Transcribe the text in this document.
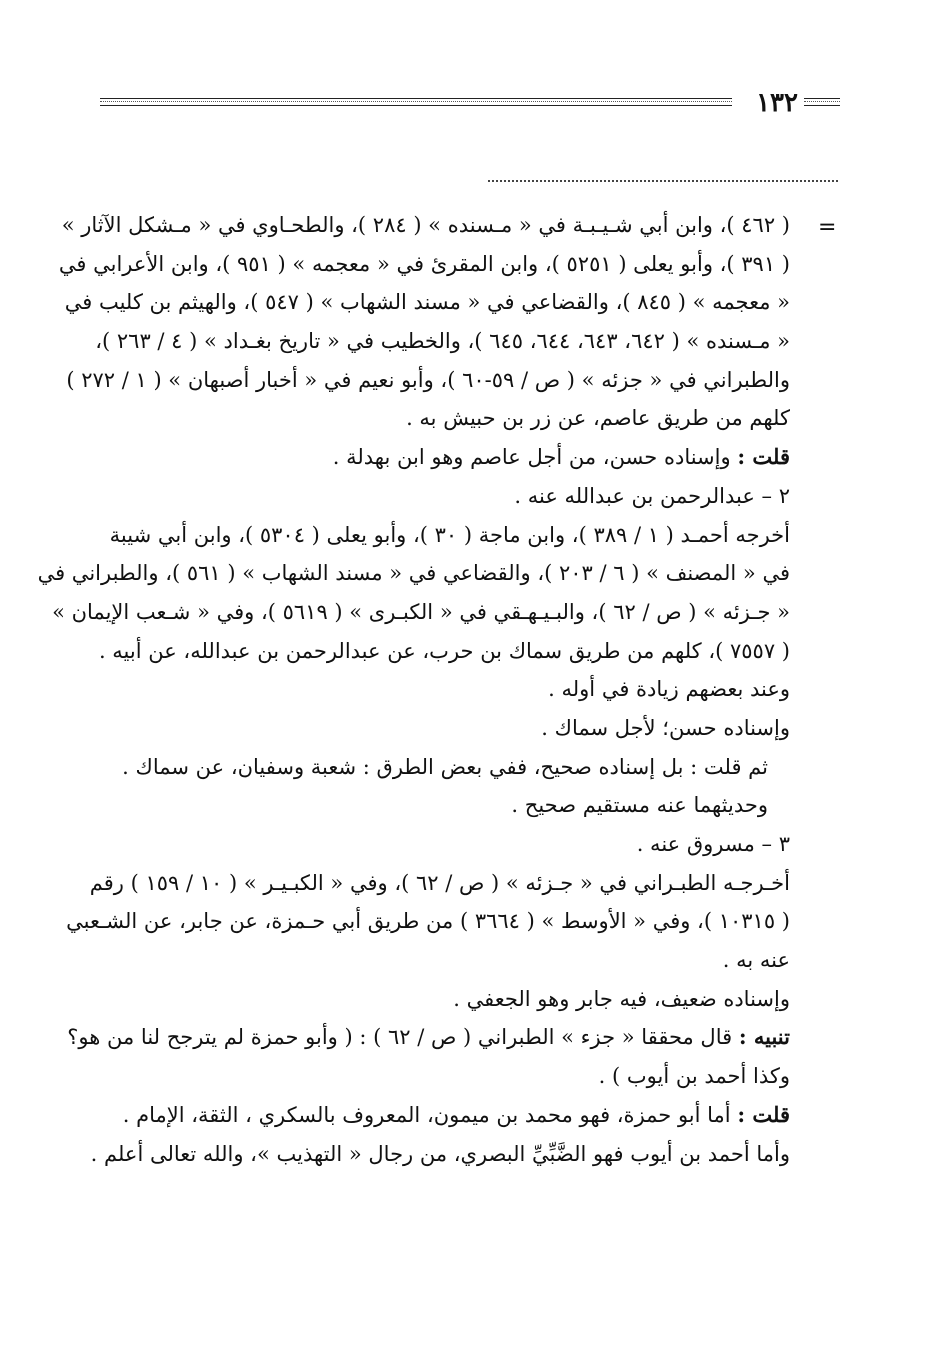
١٣٢
=
( ٤٦٢ )، وابن أبي شـيـبـة في « مـسنده » ( ٢٨٤ )، والطحـاوي في « مـشكل الآثار »
( ٣٩١ )، وأبو يعلى ( ٥٢٥١ )، وابن المقرئ في « معجمه » ( ٩٥١ )، وابن الأعرابي في
« معجمه » ( ٨٤٥ )، والقضاعي في « مسند الشهاب » ( ٥٤٧ )، والهيثم بن كليب في
« مـسنده » ( ٦٤٢، ٦٤٣، ٦٤٤، ٦٤٥ )، والخطيب في « تاريخ بغـداد » ( ٤ / ٢٦٣ )،
والطبراني في « جزئه » ( ص / ٥٩-٦٠ )، وأبو نعيم في « أخبار أصبهان » ( ١ / ٢٧٢ )
كلهم من طريق عاصم، عن زر بن حبيش به .
قلت : وإسناده حسن، من أجل عاصم وهو ابن بهدلة .
٢ – عبدالرحمن بن عبدالله عنه .
أخرجه أحمـد ( ١ / ٣٨٩ )، وابن ماجة ( ٣٠ )، وأبو يعلى ( ٥٣٠٤ )، وابن أبي شيبة
في « المصنف » ( ٦ / ٢٠٣ )، والقضاعي في « مسند الشهاب » ( ٥٦١ )، والطبراني في
« جـزئه » ( ص / ٦٢ )، والبـيـهـقي في « الكبـرى » ( ٥٦١٩ )، وفي « شـعب الإيمان »
( ٧٥٥٧ )، كلهم من طريق سماك بن حرب، عن عبدالرحمن بن عبدالله، عن أبيه .
وعند بعضهم زيادة في أوله .
وإسناده حسن؛ لأجل سماك .
ثم قلت : بل إسناده صحيح، ففي بعض الطرق : شعبة وسفيان، عن سماك .
وحديثهما عنه مستقيم صحيح .
٣ – مسروق عنه .
أخـرجـه الطبـراني في « جـزئه » ( ص / ٦٢ )، وفي « الكبـيـر » ( ١٠ / ١٥٩ ) رقم
( ١٠٣١٥ )، وفي « الأوسط » ( ٣٦٦٤ ) من طريق أبي حـمزة، عن جابر، عن الشـعبي
عنه به .
وإسناده ضعيف، فيه جابر وهو الجعفي .
تنبيه : قال محققا « جزء » الطبراني ( ص / ٦٢ ) : ( وأبو حمزة لم يترجح لنا من هو؟
وكذا أحمد بن أيوب ) .
قلت : أما أبو حمزة، فهو محمد بن ميمون، المعروف بالسكري ، الثقة، الإمام .
وأما أحمد بن أيوب فهو الضَّبِّيِّ البصري، من رجال « التهذيب »، والله تعالى أعلم .
